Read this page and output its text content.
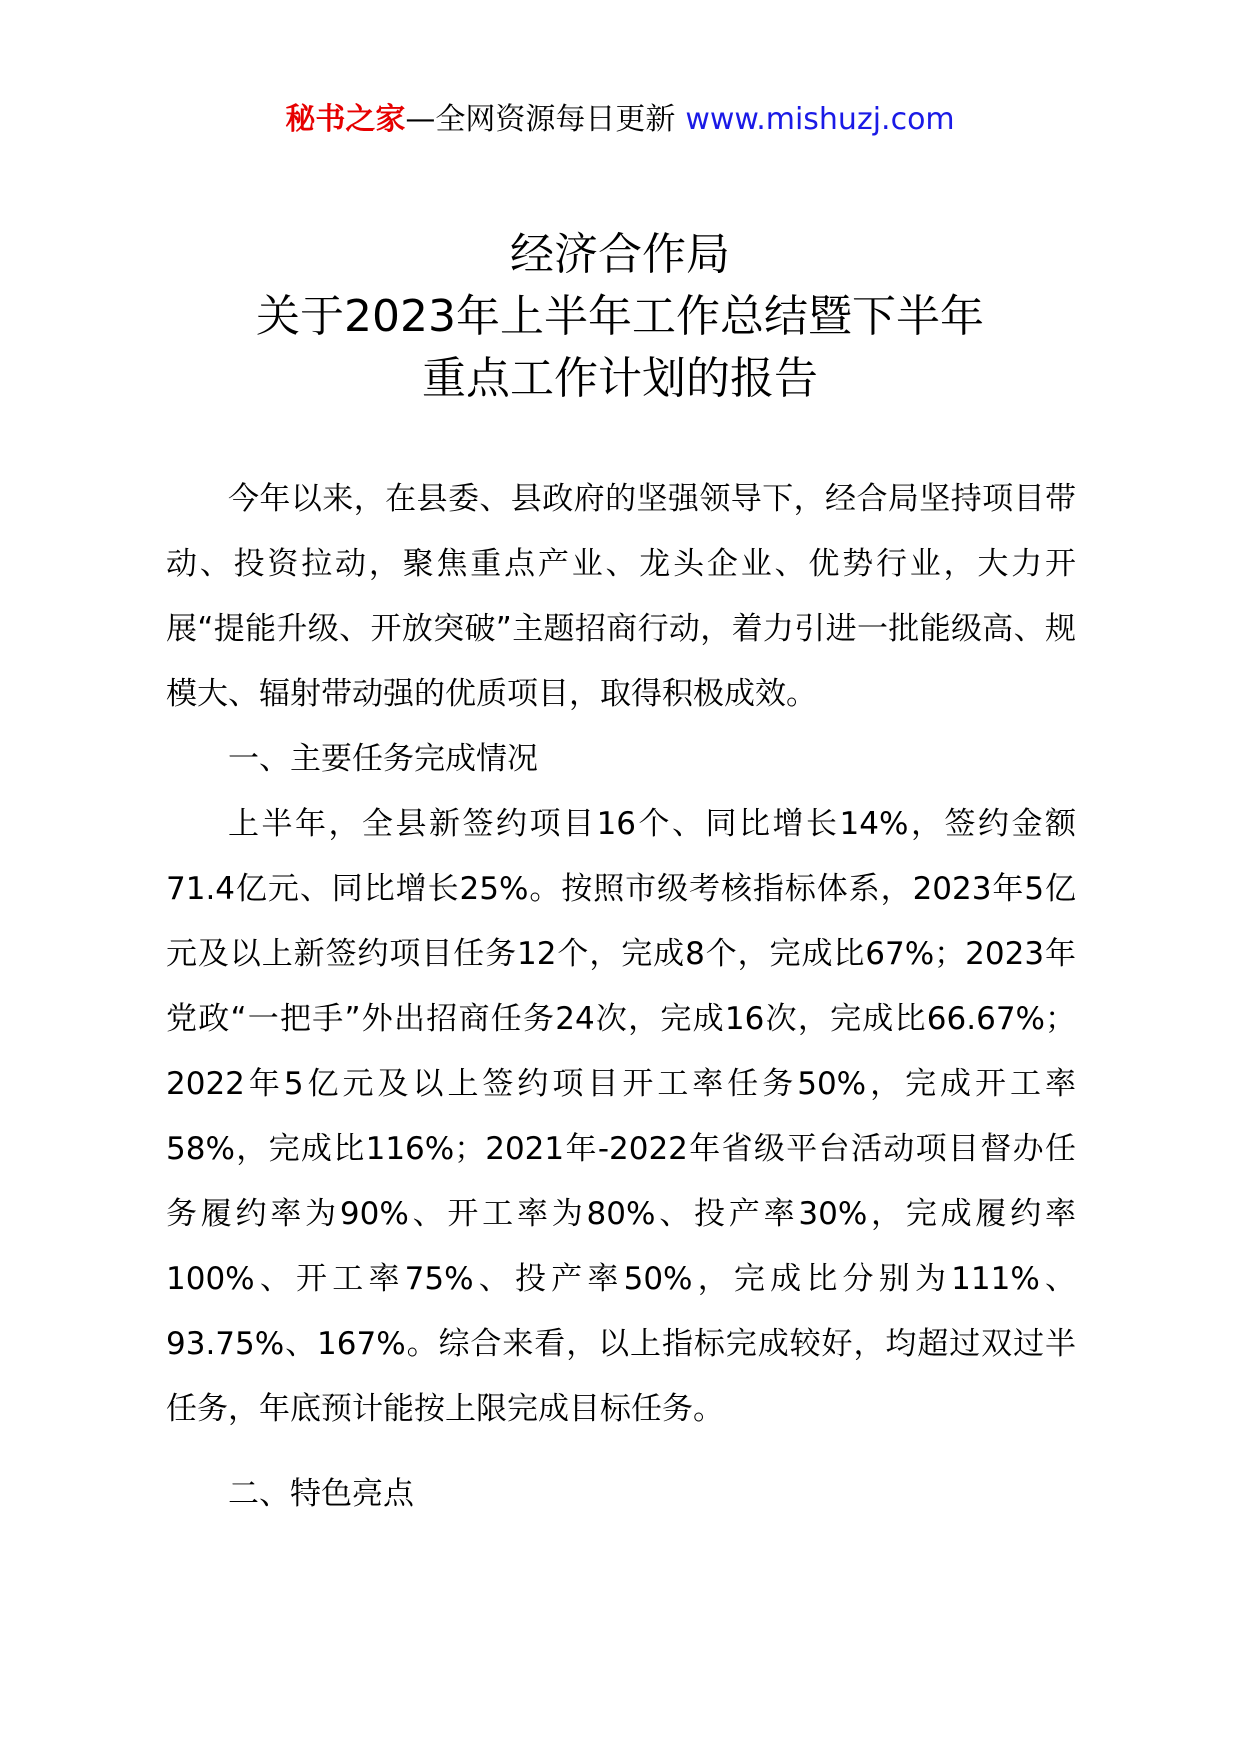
秘书之家—全网资源每日更新 www.mishuzj.com
经济合作局
关于2023年上半年工作总结暨下半年
重点工作计划的报告

今年以来，在县委、县政府的坚强领导下，经合局坚持项目带动、投资拉动，聚焦重点产业、龙头企业、优势行业，大力开展“提能升级、开放突破”主题招商行动，着力引进一批能级高、规模大、辐射带动强的优质项目，取得积极成效。

一、主要任务完成情况

上半年，全县新签约项目16个、同比增长14%，签约金额71.4亿元、同比增长25%。按照市级考核指标体系，2023年5亿元及以上新签约项目任务12个，完成8个，完成比67%；2023年党政“一把手”外出招商任务24次，完成16次，完成比66.67%；2022年5亿元及以上签约项目开工率任务50%，完成开工率58%，完成比116%；2021年-2022年省级平台活动项目督办任务履约率为90%、开工率为80%、投产率30%，完成履约率100%、开工率75%、投产率50%，完成比分别为111%、93.75%、167%。综合来看，以上指标完成较好，均超过双过半任务，年底预计能按上限完成目标任务。

二、特色亮点
